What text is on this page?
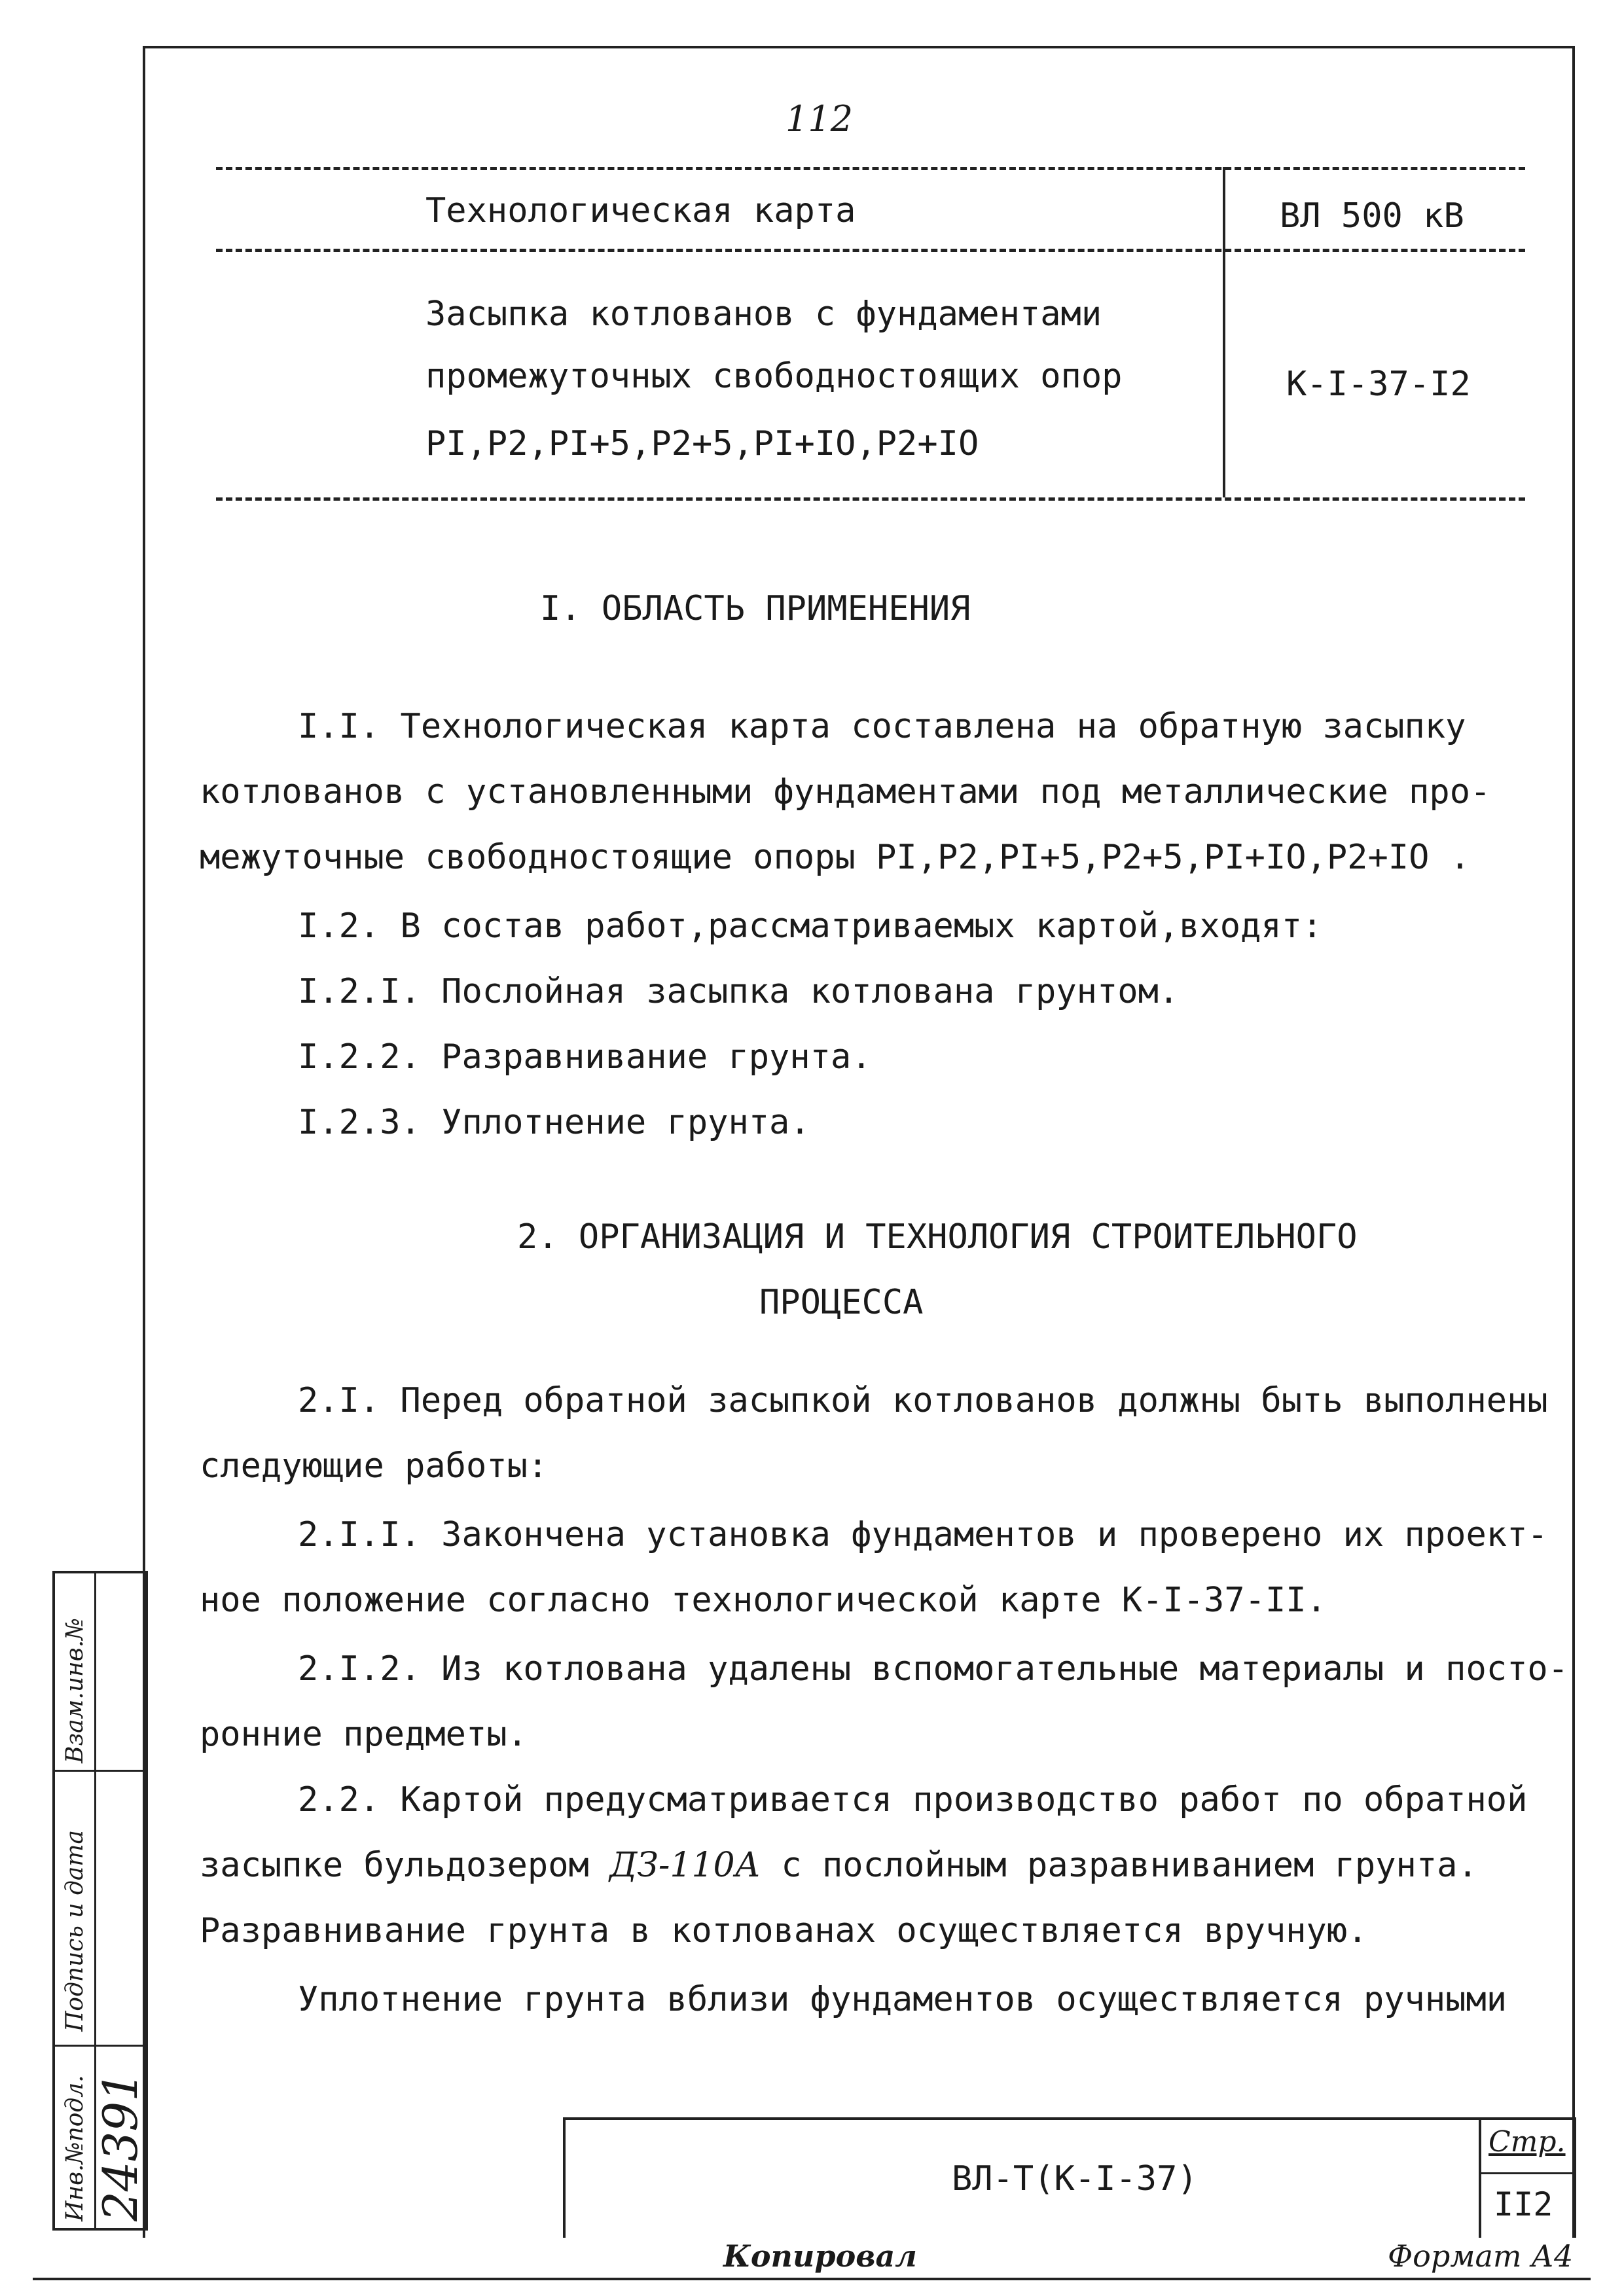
112
Технологическая карта	ВЛ 500 кВ
Засыпка котлованов с фундаментами
промежуточных свободностоящих опор
PI,P2,PI+5,P2+5,PI+IO,P2+IO
К-I-37-I2
I. ОБЛАСТЬ ПРИМЕНЕНИЯ
I.I. Технологическая карта составлена на обратную засыпку
котлованов с установленными фундаментами под металлические про-
межуточные свободностоящие опоры PI,P2,PI+5,P2+5,PI+IO,P2+IO .
I.2. В состав работ,рассматриваемых картой,входят:
I.2.I. Послойная засыпка котлована грунтом.
I.2.2. Разравнивание грунта.
I.2.3. Уплотнение грунта.
2. ОРГАНИЗАЦИЯ И ТЕХНОЛОГИЯ СТРОИТЕЛЬНОГО
ПРОЦЕССА
2.I. Перед обратной засыпкой котлованов должны быть выполнены
следующие работы:
2.I.I. Закончена установка фундаментов и проверено их проект-
ное положение согласно технологической карте К-I-37-II.
2.I.2. Из котлована удалены вспомогательные материалы и посто-
ронние предметы.
2.2. Картой предусматривается производство работ по обратной
засыпке бульдозером ДЗ-110А с послойным разравниванием грунта.
Разравнивание грунта в котлованах осуществляется вручную.
Уплотнение грунта вблизи фундаментов осуществляется ручными
Взам.инв.№
Подпись и дата
Инв.№подл. 24391	ВЛ-Т(К-I-37)
Стр.
II2
Копировал	Формат А4
